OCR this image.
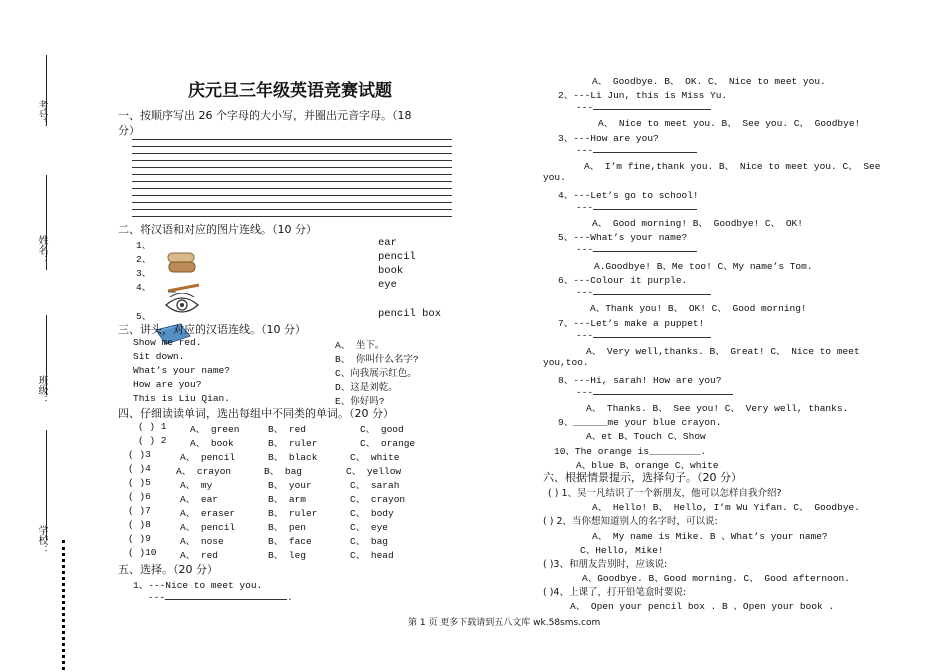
考号：
姓名：
班级：
学校：
庆元旦三年级英语竞赛试题
一、按顺序写出 26 个字母的大小写，并圈出元音字母。（18
分）
二、将汉语和对应的图片连线。（10 分）
1、
2、
3、
4、
5、
ear
pencil
book
eye
pencil box
三、讲头，对应的汉语连线。（10 分）
Show me red.
Sit down.
What’s your name?
How are you?
This is Liu Qian.
A、 坐下。
B、 你叫什么名字?
C、向我展示红色。
D、这是刘乾。
E、你好吗?
四、仔细读读单词，选出每组中不同类的单词。（20 分）
( ) 1 A、 green	B、 red	C、 good
( ) 2 A、 book	B、 ruler	C、 orange
( )3	A、 pencil	B、 black	C、 white
( )4	A、 crayon	B、 bag	C、 yellow
( )5	A、 my	B、 your	C、 sarah
( )6	A、 ear	B、 arm	C、 crayon
( )7	A、 eraser	B、 ruler	C、 body
( )8	A、 pencil	B、 pen	C、 eye
( )9	A、 nose	B、 face	C、 bag
( )10 A、 red	B、 leg	C、 head
五、选择。（20 分）
1、---Nice to meet you.
---	.
A、 Goodbye. B、 OK. C、 Nice to meet you.
2、---Li Jun, this is Miss Yu.
---
A、 Nice to meet you. B、 See you. C、 Goodbye!
3、---How are you?
---
A、 I’m fine,thank you. B、 Nice to meet you. C、 See
you.
4、---Let’s go to school!
---
A、 Good morning! B、 Goodbye! C、 OK!
5、---What’s your name?
---
A.Goodbye! B、Me too! C、My name’s Tom.
6、---Colour it purple.
---
A、Thank you! B、 OK! C、 Good morning!
7、---Let’s make a puppet!
---
A、 Very well,thanks. B、 Great! C、 Nice to meet
you,too.
8、---Hi, sarah! How are you?
---
A、 Thanks. B、 See you! C、 Very well, thanks.
9、______me your blue crayon.
A、et B、Touch C、Show
10、The orange is_________.
A、blue B、orange C、white
六、根据情景提示，选择句子。（20 分）
( ) 1、吴一凡结识了一个新朋友，他可以怎样自我介绍?
A、 Hello! B、 Hello, I’m Wu Yifan. C、 Goodbye.
( ) 2、当你想知道别人的名字时，可以说:
A、 My name is Mike. B 、What’s your name?
C、Hello, Mike!
( )3、和朋友告别时，应该说:
A、Goodbye. B、Good morning. C、 Good afternoon.
( )4、上课了，打开铅笔盒时要说:
A、 Open your pencil box . B 、Open your book .
第 1 页 更多下载请到五八文库 wk.58sms.com
